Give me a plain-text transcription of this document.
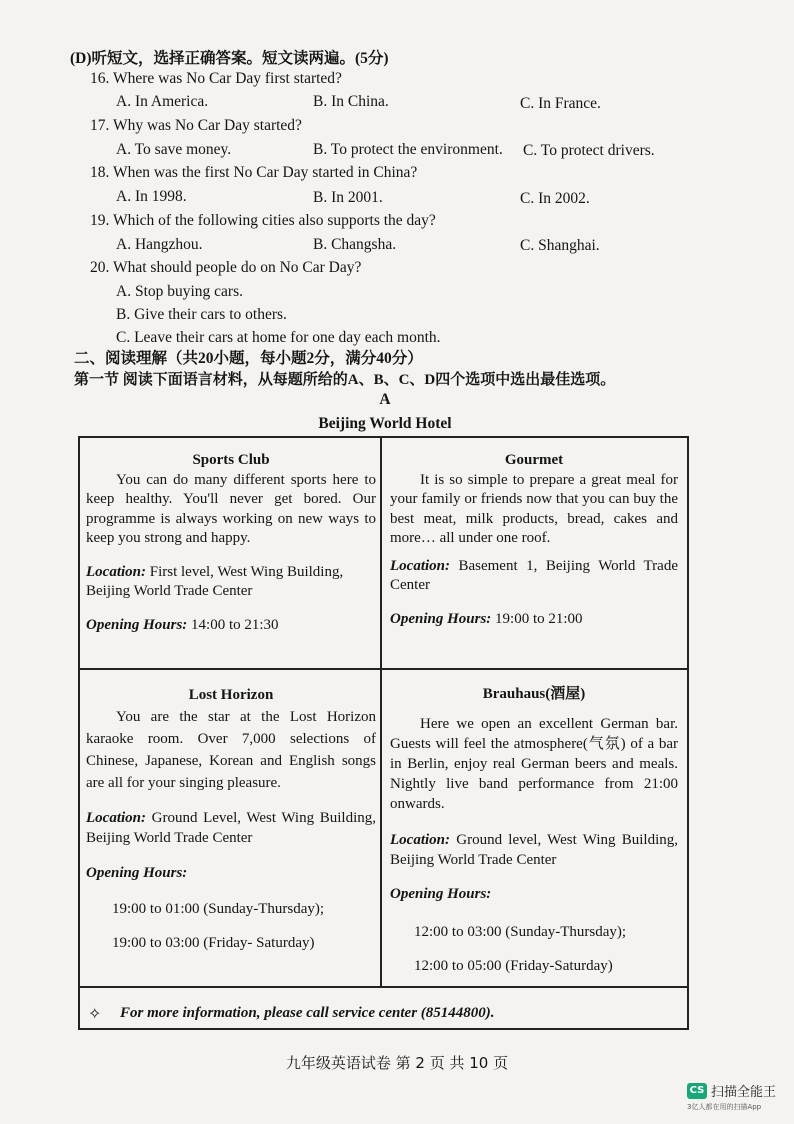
(D)听短文，选择正确答案。短文读两遍。(5分)
16. Where was No Car Day first started?
A. In America.	B. In China.	C. In France.
17. Why was No Car Day started?
A. To save money.	B. To protect the environment. C. To protect drivers.
18. When was the first No Car Day started in China?
A. In 1998.	B. In 2001.	C. In 2002.
19. Which of the following cities also supports the day?
A. Hangzhou.	B. Changsha.	C. Shanghai.
20. What should people do on No Car Day?
A. Stop buying cars.
B. Give their cars to others.
C. Leave their cars at home for one day each month.
二、阅读理解（共20小题，每小题2分，满分40分）
第一节 阅读下面语言材料，从每题所给的A、B、C、D四个选项中选出最佳选项。
A
Beijing World Hotel

Sports Club

You can do many different sports here to keep healthy. You'll never get bored. Our programme is always working on new ways to keep you strong and happy.

Location: First level, West Wing Building, Beijing World Trade Center

Opening Hours: 14:00 to 21:30

Gourmet

It is so simple to prepare a great meal for your family or friends now that you can buy the best meat, milk products, bread, cakes and more… all under one roof.

Location: Basement 1, Beijing World Trade Center

Opening Hours: 19:00 to 21:00

Lost Horizon

You are the star at the Lost Horizon karaoke room. Over 7,000 selections of Chinese, Japanese, Korean and English songs are all for your singing pleasure.

Location: Ground Level, West Wing Building, Beijing World Trade Center

Opening Hours:

19:00 to 01:00 (Sunday-Thursday);

19:00 to 03:00 (Friday- Saturday)

Brauhaus(酒屋)

Here we open an excellent German bar. Guests will feel the atmosphere(气氛) of a bar in Berlin, enjoy real German beers and meals. Nightly live band performance from 21:00 onwards.

Location: Ground level, West Wing Building, Beijing World Trade Center

Opening Hours:

12:00 to 03:00 (Sunday-Thursday);

12:00 to 05:00 (Friday-Saturday)

✧ For more information, please call service center (85144800).
九年级英语试卷 第 2 页 共 10 页
CS 扫描全能王
3亿人都在用的扫描App
